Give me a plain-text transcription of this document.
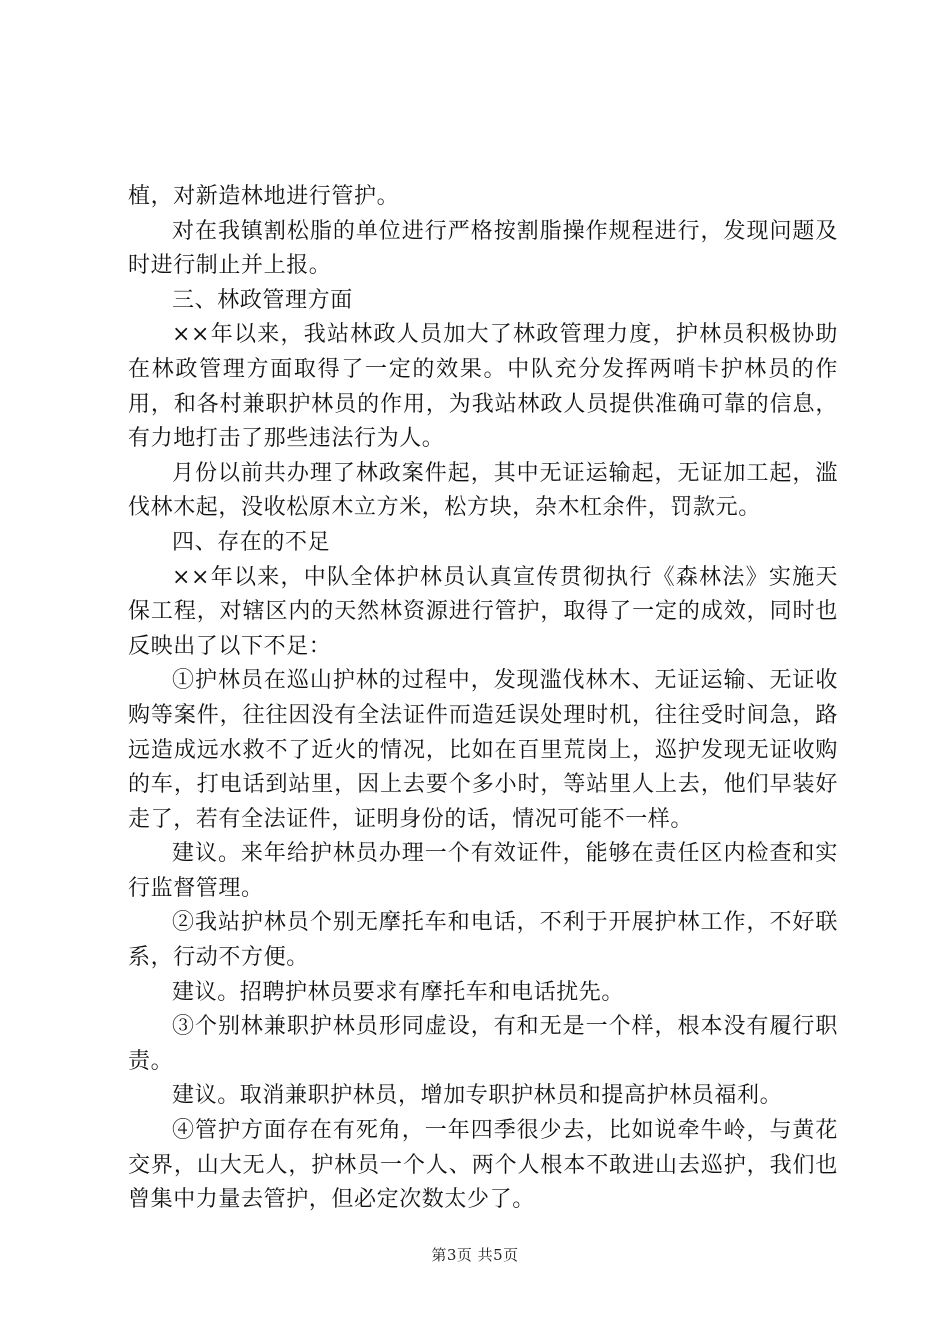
植，对新造林地进行管护。

对在我镇割松脂的单位进行严格按割脂操作规程进行，发现问题及时进行制止并上报。

三、林政管理方面

××年以来，我站林政人员加大了林政管理力度，护林员积极协助在林政管理方面取得了一定的效果。中队充分发挥两哨卡护林员的作用，和各村兼职护林员的作用，为我站林政人员提供准确可靠的信息，有力地打击了那些违法行为人。

月份以前共办理了林政案件起，其中无证运输起，无证加工起，滥伐林木起，没收松原木立方米，松方块，杂木杠余件，罚款元。

四、存在的不足

××年以来，中队全体护林员认真宣传贯彻执行《森林法》实施天保工程，对辖区内的天然林资源进行管护，取得了一定的成效，同时也反映出了以下不足：

①护林员在巡山护林的过程中，发现滥伐林木、无证运输、无证收购等案件，往往因没有全法证件而造廷误处理时机，往往受时间急，路远造成远水救不了近火的情况，比如在百里荒岗上，巡护发现无证收购的车，打电话到站里，因上去要个多小时，等站里人上去，他们早装好走了，若有全法证件，证明身份的话，情况可能不一样。

建议。来年给护林员办理一个有效证件，能够在责任区内检查和实行监督管理。

②我站护林员个别无摩托车和电话，不利于开展护林工作，不好联系，行动不方便。

建议。招聘护林员要求有摩托车和电话扰先。

③个别林兼职护林员形同虚设，有和无是一个样，根本没有履行职责。

建议。取消兼职护林员，增加专职护林员和提高护林员福利。

④管护方面存在有死角，一年四季很少去，比如说牵牛岭，与黄花交界，山大无人，护林员一个人、两个人根本不敢进山去巡护，我们也曾集中力量去管护，但必定次数太少了。

第3页 共5页
